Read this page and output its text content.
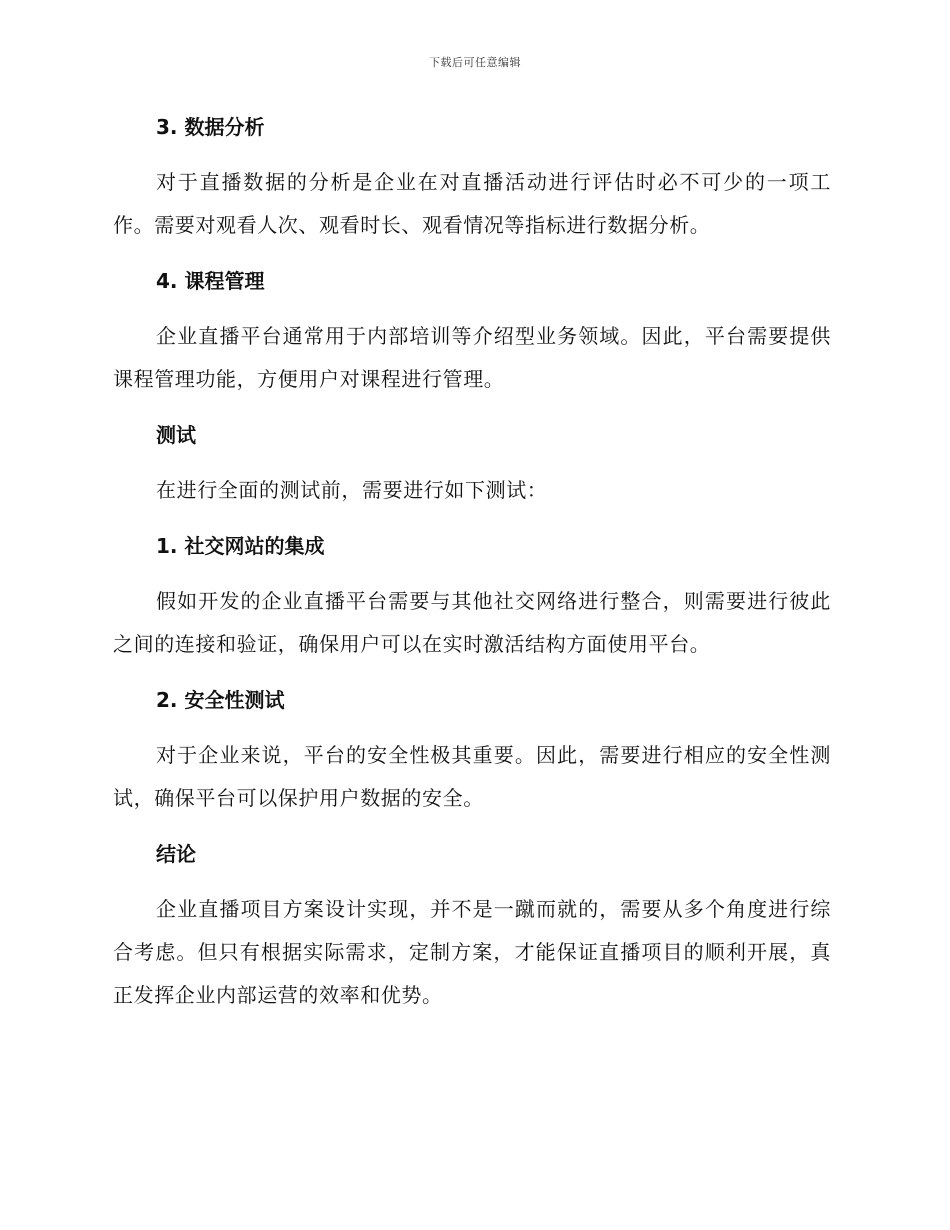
下载后可任意编辑
3. 数据分析

对于直播数据的分析是企业在对直播活动进行评估时必不可少的一项工作。需要对观看人次、观看时长、观看情况等指标进行数据分析。

4. 课程管理

企业直播平台通常用于内部培训等介绍型业务领域。因此，平台需要提供课程管理功能，方便用户对课程进行管理。

测试

在进行全面的测试前，需要进行如下测试：

1. 社交网站的集成

假如开发的企业直播平台需要与其他社交网络进行整合，则需要进行彼此之间的连接和验证，确保用户可以在实时激活结构方面使用平台。

2. 安全性测试

对于企业来说，平台的安全性极其重要。因此，需要进行相应的安全性测试，确保平台可以保护用户数据的安全。

结论

企业直播项目方案设计实现，并不是一蹴而就的，需要从多个角度进行综合考虑。但只有根据实际需求，定制方案，才能保证直播项目的顺利开展，真正发挥企业内部运营的效率和优势。
